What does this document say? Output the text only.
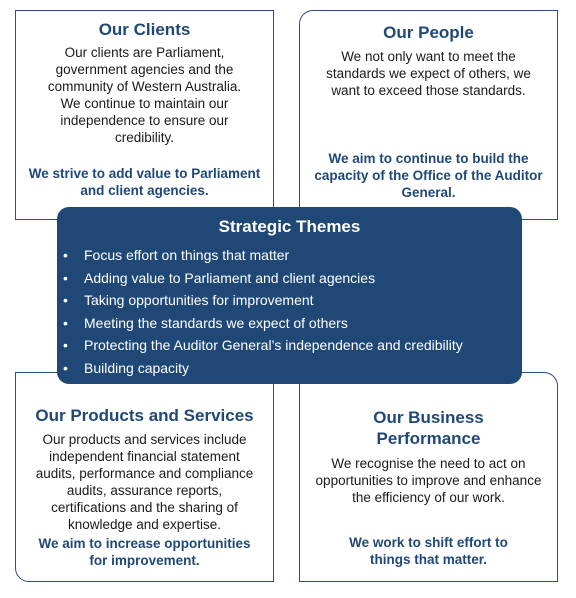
Our Clients
Our clients are Parliament, government agencies and the community of Western Australia. We continue to maintain our independence to ensure our credibility.
We strive to add value to Parliament and client agencies.
Our People
We not only want to meet the standards we expect of others, we want to exceed those standards.
We aim to continue to build the capacity of the Office of the Auditor General.
Our Products and Services
Our products and services include independent financial statement audits, performance and compliance audits, assurance reports, certifications and the sharing of knowledge and expertise.
We aim to increase opportunities for improvement.
Our Business Performance
We recognise the need to act on opportunities to improve and enhance the efficiency of our work.
We work to shift effort to things that matter.
Strategic Themes
• Focus effort on things that matter
• Adding value to Parliament and client agencies
• Taking opportunities for improvement
• Meeting the standards we expect of others
• Protecting the Auditor General’s independence and credibility
• Building capacity
